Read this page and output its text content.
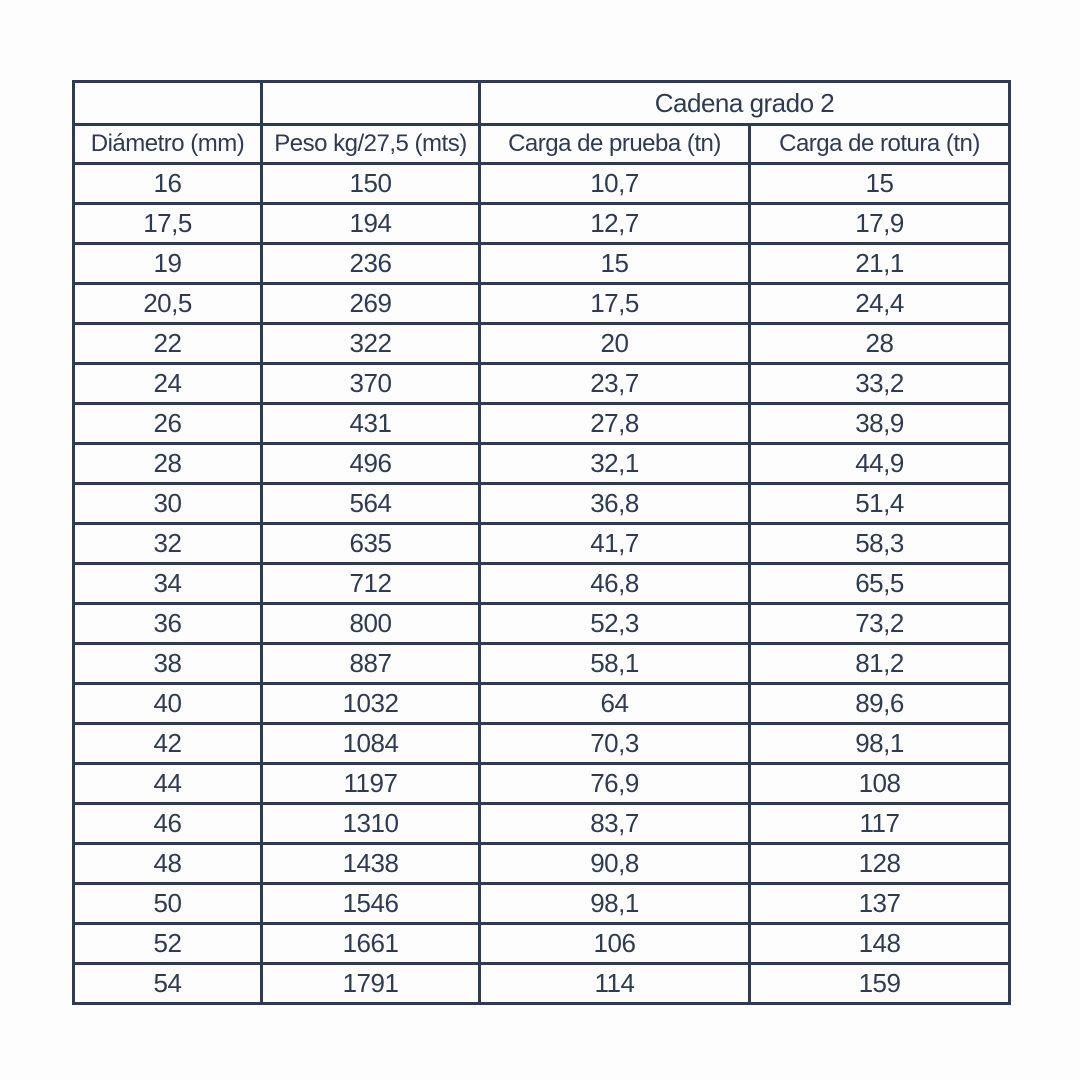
		Cadena grado 2	
Diámetro (mm)	Peso kg/27,5 (mts)	Carga de prueba (tn)	Carga de rotura (tn)
16	150	10,7	15
17,5	194	12,7	17,9
19	236	15	21,1
20,5	269	17,5	24,4
22	322	20	28
24	370	23,7	33,2
26	431	27,8	38,9
28	496	32,1	44,9
30	564	36,8	51,4
32	635	41,7	58,3
34	712	46,8	65,5
36	800	52,3	73,2
38	887	58,1	81,2
40	1032	64	89,6
42	1084	70,3	98,1
44	1197	76,9	108
46	1310	83,7	117
48	1438	90,8	128
50	1546	98,1	137
52	1661	106	148
54	1791	114	159
